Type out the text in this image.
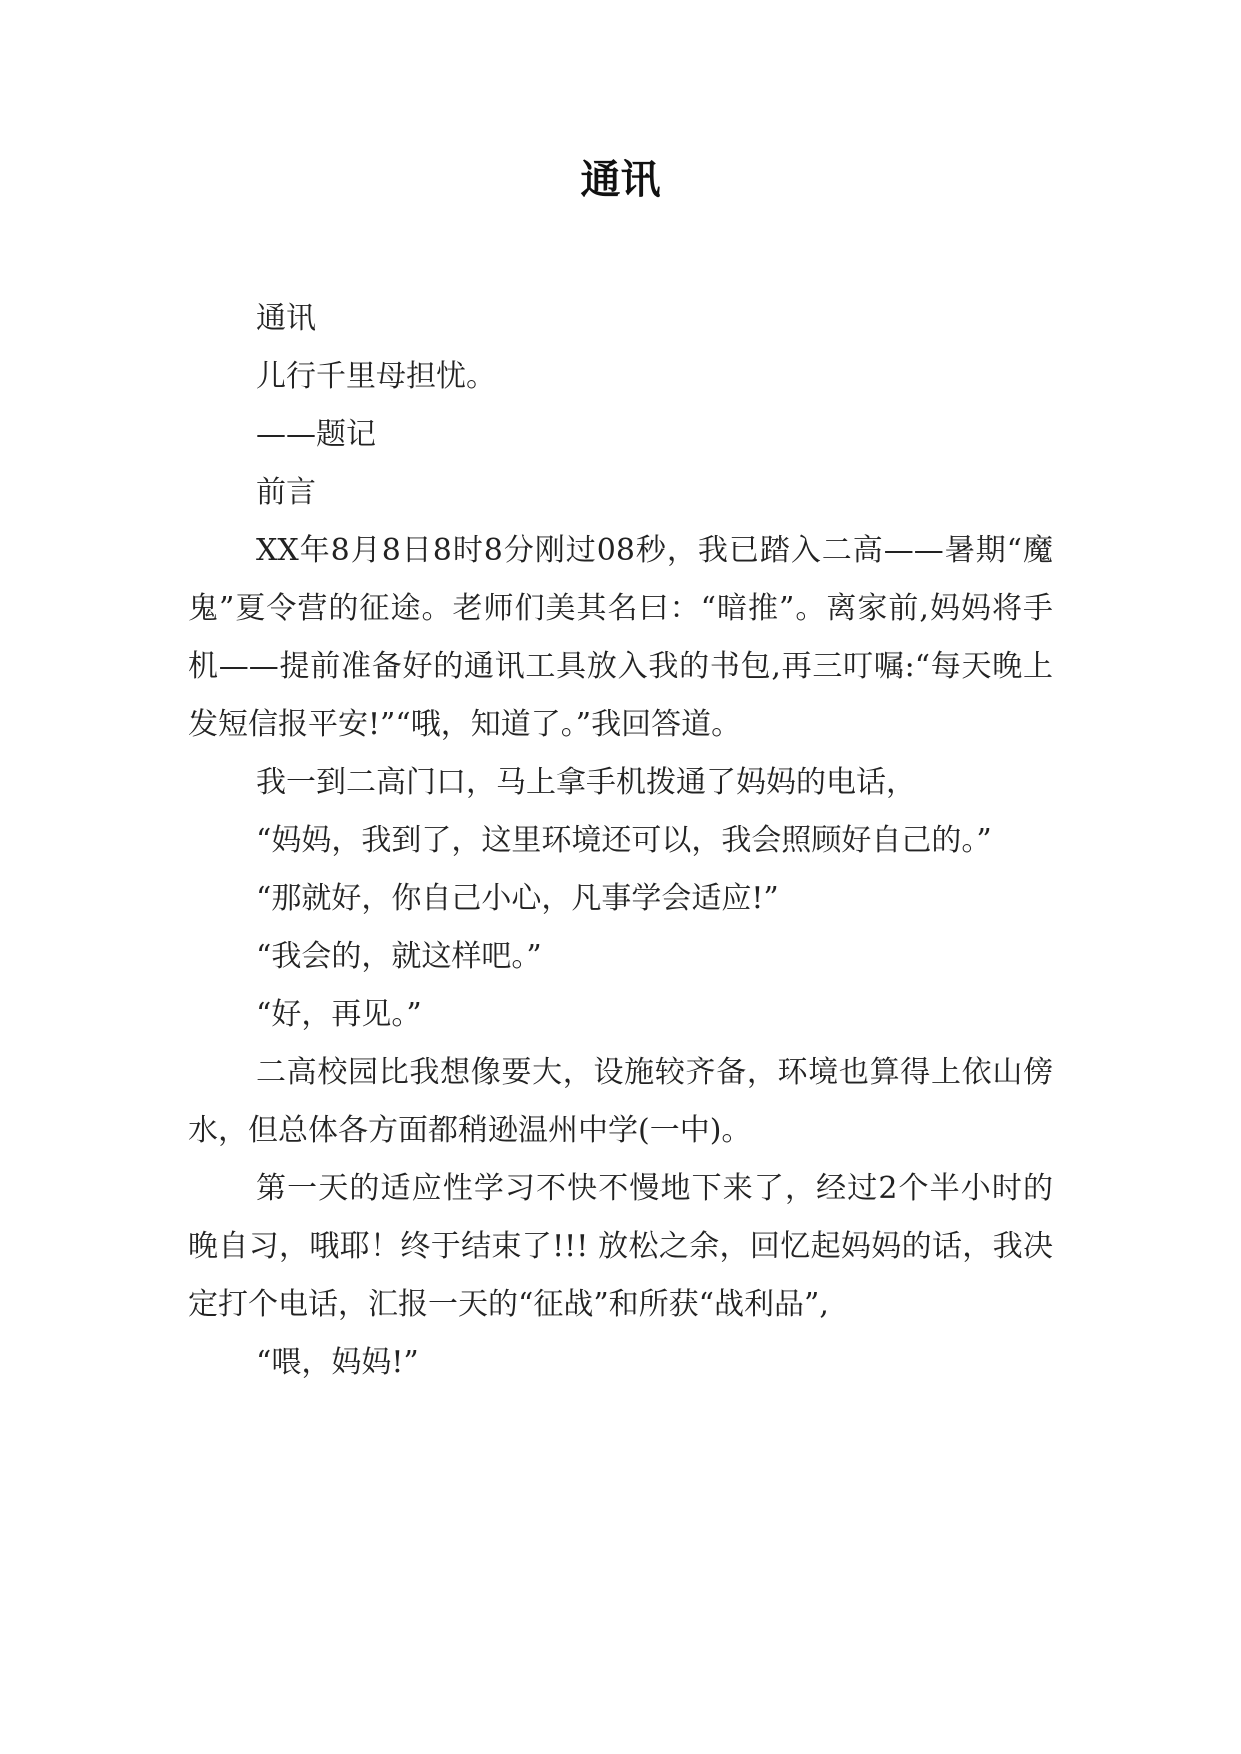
通讯

通讯

儿行千里母担忧。

——题记

前言

XX年8月8日8时8分刚过08秒，我已踏入二高——暑期“魔鬼”夏令营的征途。老师们美其名曰：“暗推”。离家前,妈妈将手机——提前准备好的通讯工具放入我的书包,再三叮嘱:“每天晚上发短信报平安!”“哦，知道了。”我回答道。

我一到二高门口，马上拿手机拨通了妈妈的电话，

“妈妈，我到了，这里环境还可以，我会照顾好自己的。”

“那就好，你自己小心，凡事学会适应!”

“我会的，就这样吧。”

“好，再见。”

二高校园比我想像要大，设施较齐备，环境也算得上依山傍水，但总体各方面都稍逊温州中学(一中)。

第一天的适应性学习不快不慢地下来了，经过2个半小时的晚自习，哦耶！终于结束了!!! 放松之余，回忆起妈妈的话，我决定打个电话，汇报一天的“征战”和所获“战利品”,

“喂，妈妈!”
